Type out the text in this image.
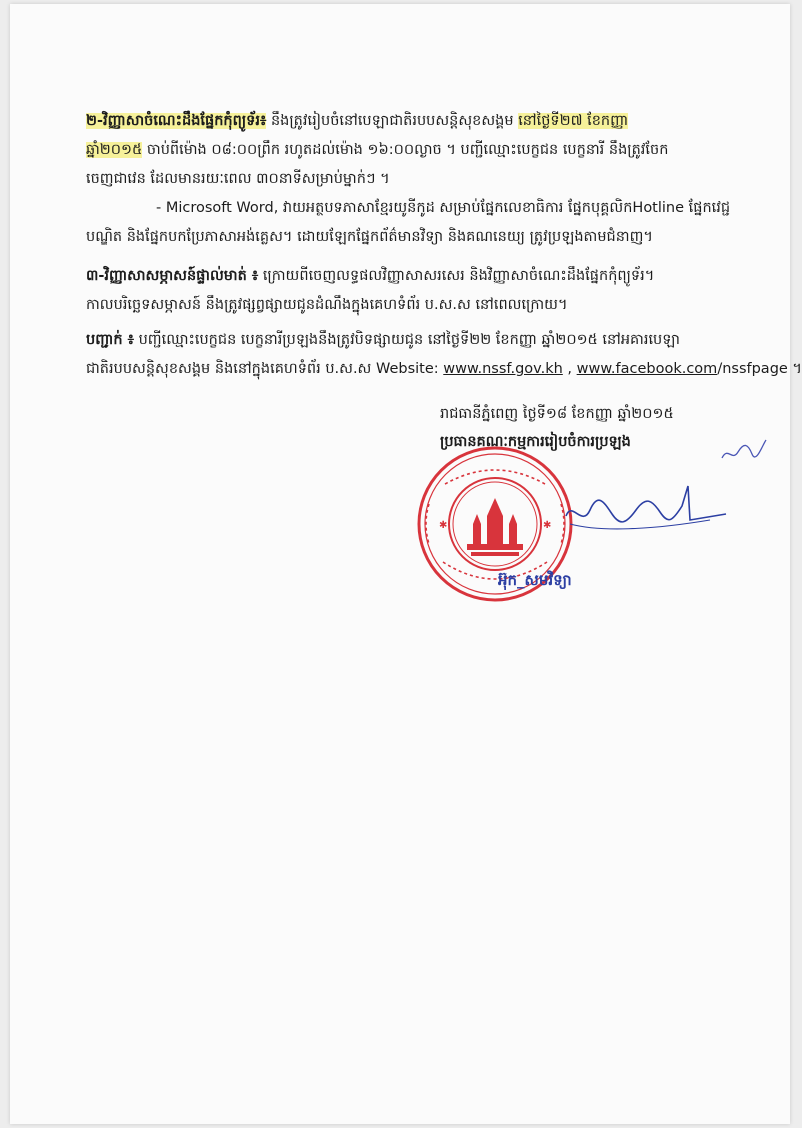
២-វិញ្ញាសាចំណេះដឹងផ្នែកកុំព្យូទ័រ៖ នឹងត្រូវរៀបចំនៅបេឡាជាតិរបបសន្តិសុខសង្គម នៅថ្ងៃទី២៧ ខែកញ្ញា
ឆ្នាំ២០១៥ ចាប់ពីម៉ោង ០៨:០០ព្រឹក រហូតដល់ម៉ោង ១៦:០០ល្ងាច ។ បញ្ជីឈ្មោះបេក្ខជន បេក្ខនារី នឹងត្រូវចែក
ចេញជាវេន ដែលមានរយៈពេល ៣០នាទីសម្រាប់ម្នាក់ៗ ។
- Microsoft Word, វាយអត្ថបទភាសាខ្មែរយូនីកូដ សម្រាប់ផ្នែកលេខាធិការ ផ្នែកបុគ្គលិកHotline ផ្នែកវេជ្ជ
បណ្ឌិត និងផ្នែកបកប្រែភាសាអង់គ្លេស។ ដោយឡែកផ្នែកព័ត៌មានវិទ្យា និងគណនេយ្យ ត្រូវប្រឡងតាមជំនាញ។
៣-វិញ្ញាសាសម្ភាសន៍ផ្ទាល់មាត់ ៖ ក្រោយពីចេញលទ្ធផលវិញ្ញាសាសរសេរ និងវិញ្ញាសាចំណេះដឹងផ្នែកកុំព្យូទ័រ។
កាលបរិច្ឆេទសម្ភាសន៍ នឹងត្រូវផ្សព្វផ្សាយជូនដំណឹងក្នុងគេហទំព័រ ប.ស.ស នៅពេលក្រោយ។
បញ្ជាក់ ៖ បញ្ជីឈ្មោះបេក្ខជន បេក្ខនារីប្រឡងនឹងត្រូវបិទផ្សាយជូន នៅថ្ងៃទី២២ ខែកញ្ញា ឆ្នាំ២០១៥ នៅអគារបេឡា
ជាតិរបបសន្តិសុខសង្គម និងនៅក្នុងគេហទំព័រ ប.ស.ស Website: www.nssf.gov.kh , www.facebook.com/nssfpage ។
រាជធានីភ្នំពេញ ថ្ងៃទី១៨ ខែកញ្ញា ឆ្នាំ២០១៥
ប្រធានគណៈកម្មការរៀបចំការប្រឡង
✱	✱
អ៊ុក_សមវិទ្យា
